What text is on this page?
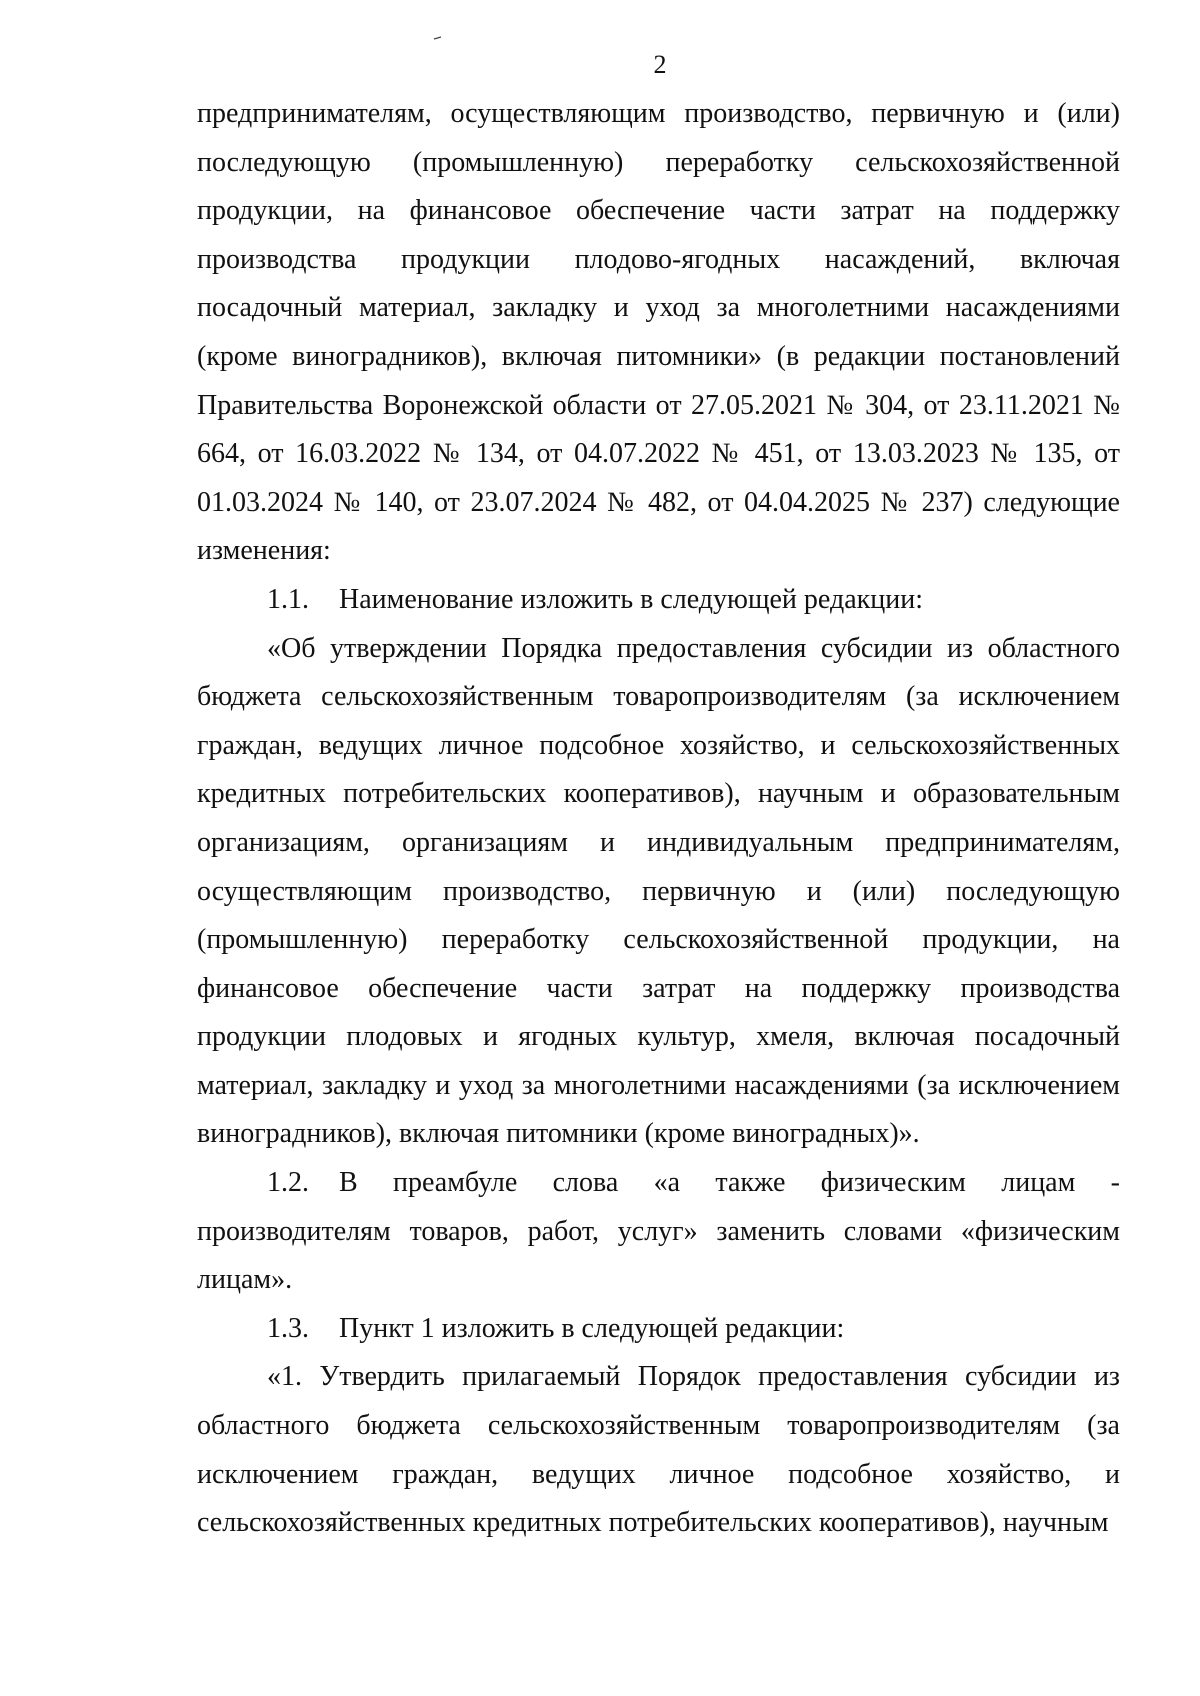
2

предпринимателям, осуществляющим производство, первичную и (или) последующую (промышленную) переработку сельскохозяйственной продукции, на финансовое обеспечение части затрат на поддержку производства продукции плодово-ягодных насаждений, включая посадочный материал, закладку и уход за многолетними насаждениями (кроме виноградников), включая питомники» (в редакции постановлений Правительства Воронежской области от 27.05.2021 № 304, от 23.11.2021 № 664, от 16.03.2022 № 134, от 04.07.2022 № 451, от 13.03.2023 № 135, от 01.03.2024 № 140, от 23.07.2024 № 482, от 04.04.2025 № 237) следующие изменения:

1.1. Наименование изложить в следующей редакции:

«Об утверждении Порядка предоставления субсидии из областного бюджета сельскохозяйственным товаропроизводителям (за исключением граждан, ведущих личное подсобное хозяйство, и сельскохозяйственных кредитных потребительских кооперативов), научным и образовательным организациям, организациям и индивидуальным предпринимателям, осуществляющим производство, первичную и (или) последующую (промышленную) переработку сельскохозяйственной продукции, на финансовое обеспечение части затрат на поддержку производства продукции плодовых и ягодных культур, хмеля, включая посадочный материал, закладку и уход за многолетними насаждениями (за исключением виноградников), включая питомники (кроме виноградных)».

1.2. В преамбуле слова «а также физическим лицам - производителям товаров, работ, услуг» заменить словами «физическим лицам».

1.3. Пункт 1 изложить в следующей редакции:

«1. Утвердить прилагаемый Порядок предоставления субсидии из областного бюджета сельскохозяйственным товаропроизводителям (за исключением граждан, ведущих личное подсобное хозяйство, и сельскохозяйственных кредитных потребительских кооперативов), научным
